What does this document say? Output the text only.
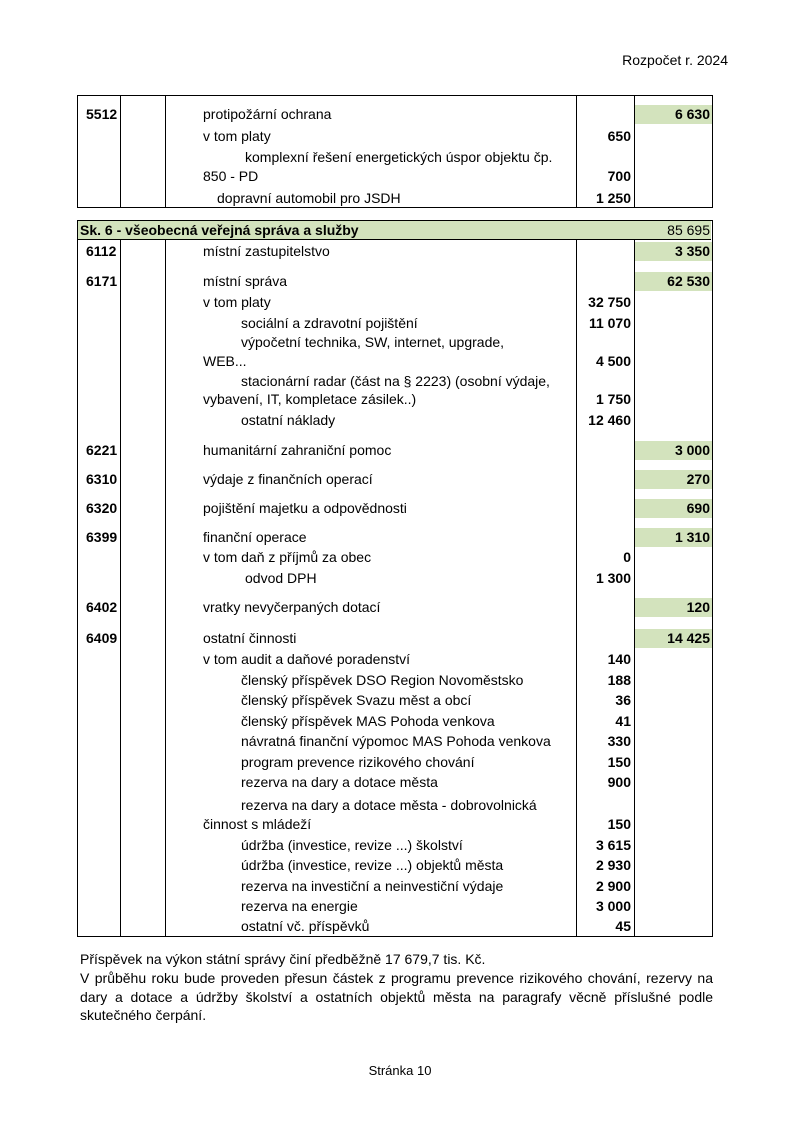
Rozpočet r. 2024
5512	protipožární ochrana	6 630
v tom platy	650
komplexní řešení energetických úspor objektu čp.
850 - PD	700
dopravní automobil pro JSDH	1 250
Sk. 6 - všeobecná veřejná správa a služby	85 695
6112	místní zastupitelstvo	3 350
6171	místní správa	62 530
v tom platy	32 750
sociální a zdravotní pojištění	11 070
výpočetní technika, SW, internet, upgrade,
WEB...	4 500
stacionární radar (část na § 2223) (osobní výdaje,
vybavení, IT, kompletace zásilek..)	1 750
ostatní náklady	12 460
6221	humanitární zahraniční pomoc	3 000
6310	výdaje z finančních operací	270
6320	pojištění majetku a odpovědnosti	690
6399	finanční operace	1 310
v tom daň z příjmů za obec	0
odvod DPH	1 300
6402	vratky nevyčerpaných dotací	120
6409	ostatní činnosti	14 425
v tom audit a daňové poradenství	140
členský příspěvek DSO Region Novoměstsko	188
členský příspěvek Svazu měst a obcí	36
členský příspěvek MAS Pohoda venkova	41
návratná finanční výpomoc MAS Pohoda venkova	330
program prevence rizikového chování	150
rezerva na dary a dotace města	900
rezerva na dary a dotace města - dobrovolnická
činnost s mládeží	150
údržba (investice, revize ...) školství	3 615
údržba (investice, revize ...) objektů města	2 930
rezerva na investiční a neinvestiční výdaje	2 900
rezerva na energie	3 000
ostatní vč. příspěvků	45
Příspěvek na výkon státní správy činí předběžně 17 679,7 tis. Kč.
V průběhu roku bude proveden přesun částek z programu prevence rizikového chování, rezervy na dary a dotace a údržby školství a ostatních objektů města na paragrafy věcně příslušné podle skutečného čerpání.
Stránka 10
